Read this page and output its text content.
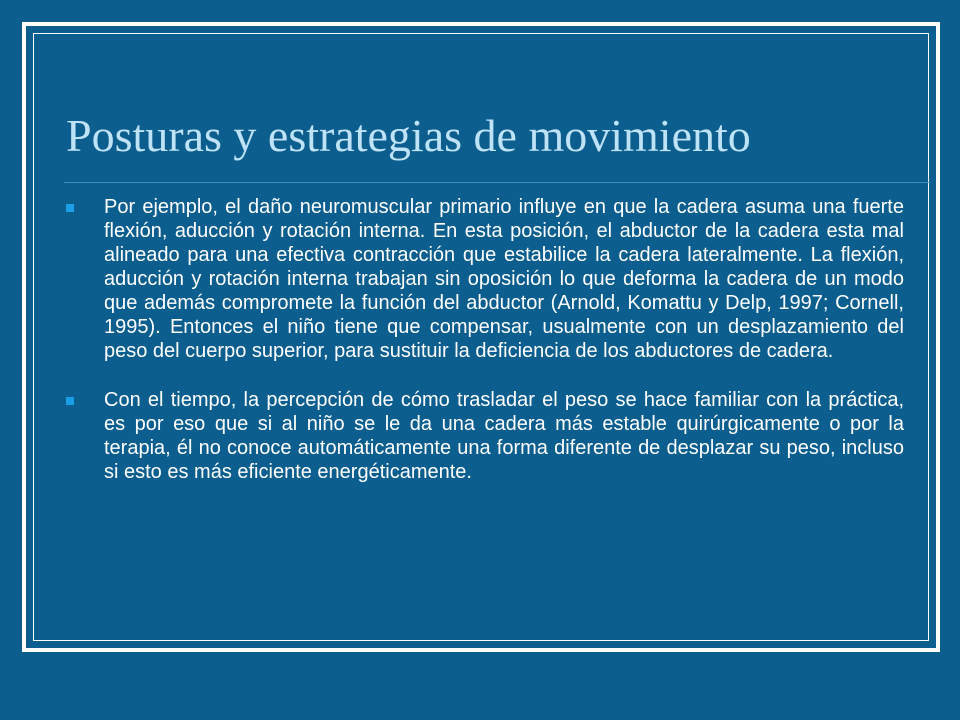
Posturas y estrategias de movimiento
Por ejemplo, el daño neuromuscular primario influye en que la cadera asuma una fuerte flexión, aducción y rotación interna. En esta posición, el abductor de la cadera esta mal alineado para una efectiva contracción que estabilice la cadera lateralmente. La flexión, aducción y rotación interna trabajan sin oposición lo que deforma la cadera de un modo que además compromete la función del abductor (Arnold, Komattu y Delp, 1997; Cornell, 1995). Entonces el niño tiene que compensar, usualmente con un desplazamiento del peso del cuerpo superior, para sustituir la deficiencia de los abductores de cadera.
Con el tiempo, la percepción de cómo trasladar el peso se hace familiar con la práctica, es por eso que si al niño se le da una cadera más estable quirúrgicamente o por la terapia, él no conoce automáticamente una forma diferente de desplazar su peso, incluso si esto es más eficiente energéticamente.
